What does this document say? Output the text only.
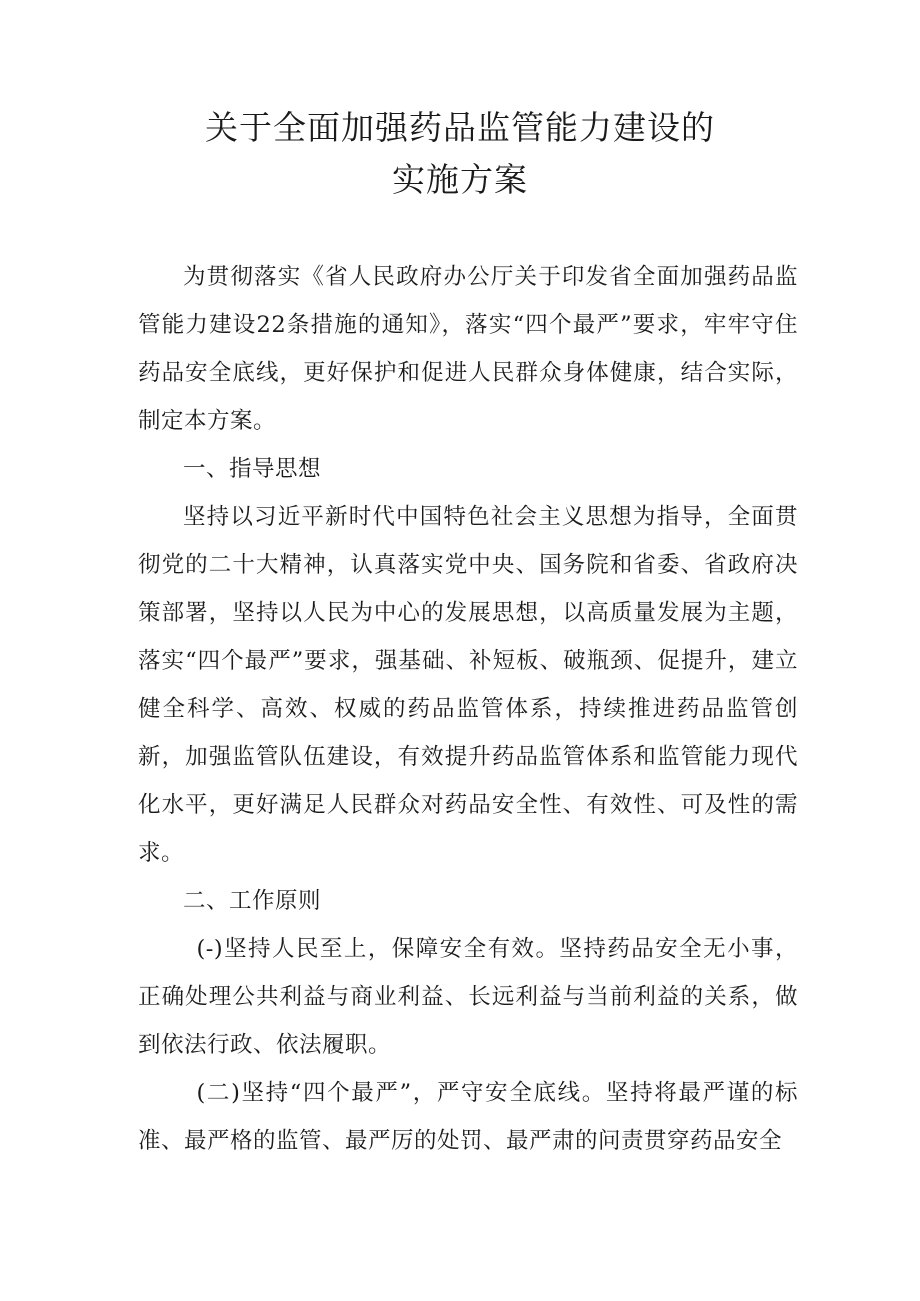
关于全面加强药品监管能力建设的
实施方案

为贯彻落实《省人民政府办公厅关于印发省全面加强药品监管能力建设22条措施的通知》，落实“四个最严”要求，牢牢守住药品安全底线，更好保护和促进人民群众身体健康，结合实际，制定本方案。

一、指导思想

坚持以习近平新时代中国特色社会主义思想为指导，全面贯彻党的二十大精神，认真落实党中央、国务院和省委、省政府决策部署，坚持以人民为中心的发展思想，以高质量发展为主题，落实“四个最严”要求，强基础、补短板、破瓶颈、促提升，建立健全科学、高效、权威的药品监管体系，持续推进药品监管创新，加强监管队伍建设，有效提升药品监管体系和监管能力现代化水平，更好满足人民群众对药品安全性、有效性、可及性的需求。

二、工作原则

(-)坚持人民至上，保障安全有效。坚持药品安全无小事，正确处理公共利益与商业利益、长远利益与当前利益的关系，做到依法行政、依法履职。

(二)坚持“四个最严”，严守安全底线。坚持将最严谨的标准、最严格的监管、最严厉的处罚、最严肃的问责贯穿药品安全
